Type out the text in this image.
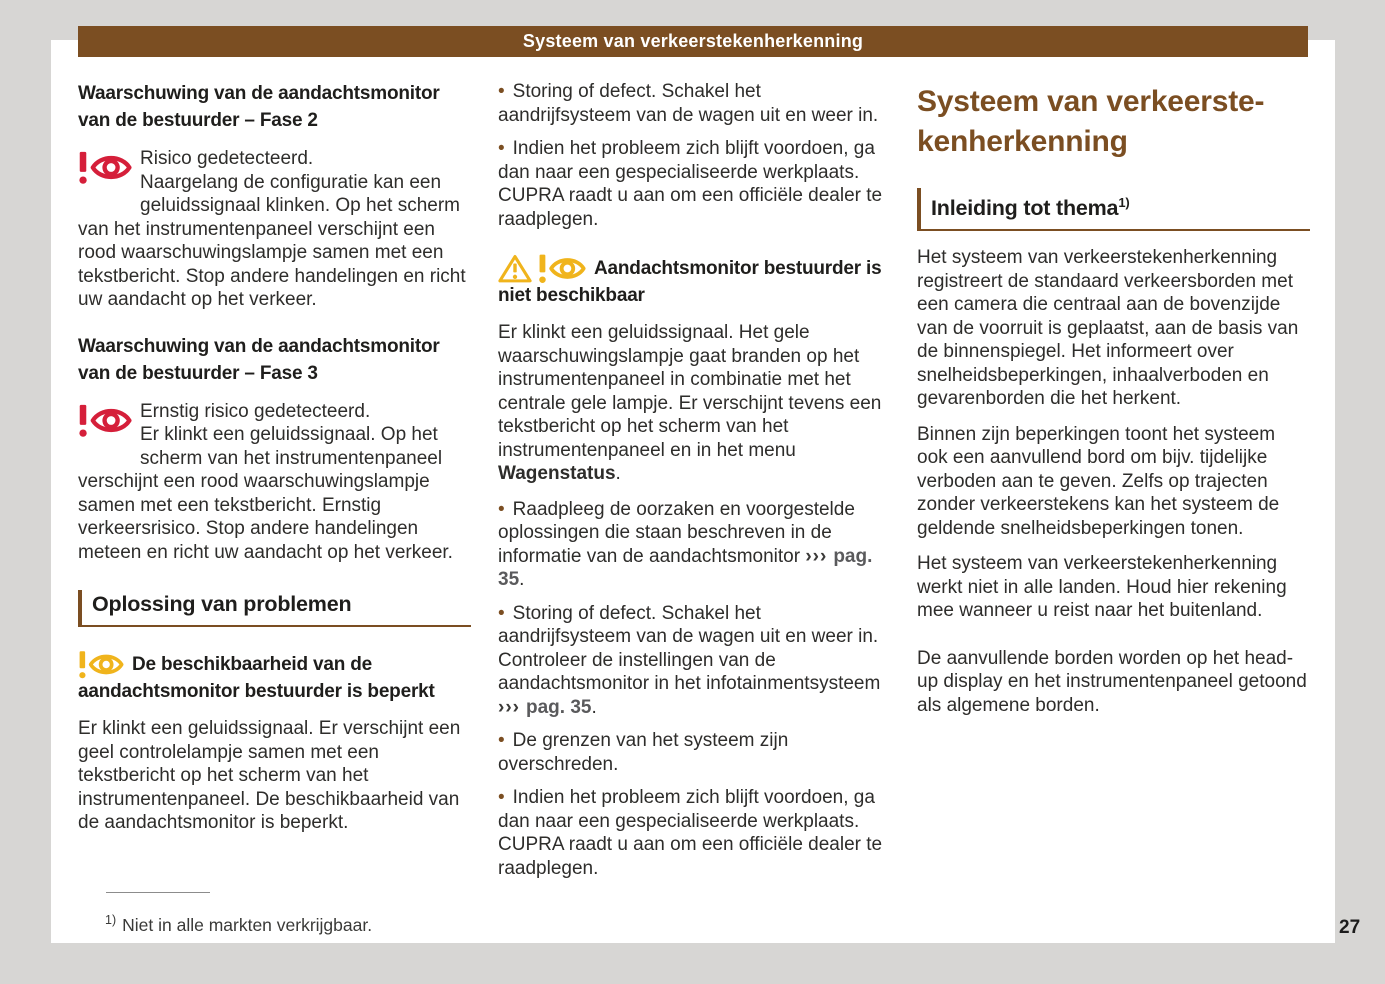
Waarschuwing van de aandachtsmonitor van de bestuurder – Fase 2
Risico gedetecteerd.
Naargelang de configuratie kan een geluidssignaal klinken. Op het scherm van het instrumentenpaneel verschijnt een rood waarschuwingslampje samen met een tekstbericht. Stop andere handelingen en richt uw aandacht op het verkeer.
Waarschuwing van de aandachtsmonitor van de bestuurder – Fase 3
Ernstig risico gedetecteerd.
Er klinkt een geluidssignaal. Op het scherm van het instrumentenpaneel verschijnt een rood waarschuwingslampje samen met een tekstbericht. Ernstig verkeersrisico. Stop andere handelingen meteen en richt uw aandacht op het verkeer.
Oplossing van problemen
De beschikbaarheid van de aandachtsmonitor bestuurder is beperkt

Er klinkt een geluidssignaal. Er verschijnt een geel controlelampje samen met een tekstbericht op het scherm van het instrumentenpaneel. De beschikbaarheid van de aandachtsmonitor is beperkt.

$^{1)}$ Niet in alle markten verkrijgbaar.

• Storing of defect. Schakel het aandrijfsysteem van de wagen uit en weer in.
• Indien het probleem zich blijft voordoen, ga dan naar een gespecialiseerde werkplaats. CUPRA raadt u aan om een officiële dealer te raadplegen.
Aandachtsmonitor bestuurder is niet beschikbaar

Er klinkt een geluidssignaal. Het gele waarschuwingslampje gaat branden op het instrumentenpaneel in combinatie met het centrale gele lampje. Er verschijnt tevens een tekstbericht op het scherm van het instrumentenpaneel en in het menu Wagenstatus.

• Raadpleeg de oorzaken en voorgestelde oplossingen die staan beschreven in de informatie van de aandachtsmonitor ››› pag. 35.
• Storing of defect. Schakel het aandrijfsysteem van de wagen uit en weer in. Controleer de instellingen van de aandachtsmonitor in het infotainmentsysteem ››› pag. 35.
• De grenzen van het systeem zijn overschreden.
• Indien het probleem zich blijft voordoen, ga dan naar een gespecialiseerde werkplaats. CUPRA raadt u aan om een officiële dealer te raadplegen.
Systeem van verkeerste-
kenherkenning
Inleiding tot thema$^{1)}$

Het systeem van verkeerstekenherkenning registreert de standaard verkeersborden met een camera die centraal aan de bovenzijde van de voorruit is geplaatst, aan de basis van de binnenspiegel. Het informeert over snelheidsbeperkingen, inhaalverboden en gevarenborden die het herkent.

Binnen zijn beperkingen toont het systeem ook een aanvullend bord om bijv. tijdelijke verboden aan te geven. Zelfs op trajecten zonder verkeerstekens kan het systeem de geldende snelheidsbeperkingen tonen.

Het systeem van verkeerstekenherkenning werkt niet in alle landen. Houd hier rekening mee wanneer u reist naar het buitenland.

De aanvullende borden worden op het head-up display en het instrumentenpaneel getoond als algemene borden.

Systeem van verkeerstekenherkenning
27
